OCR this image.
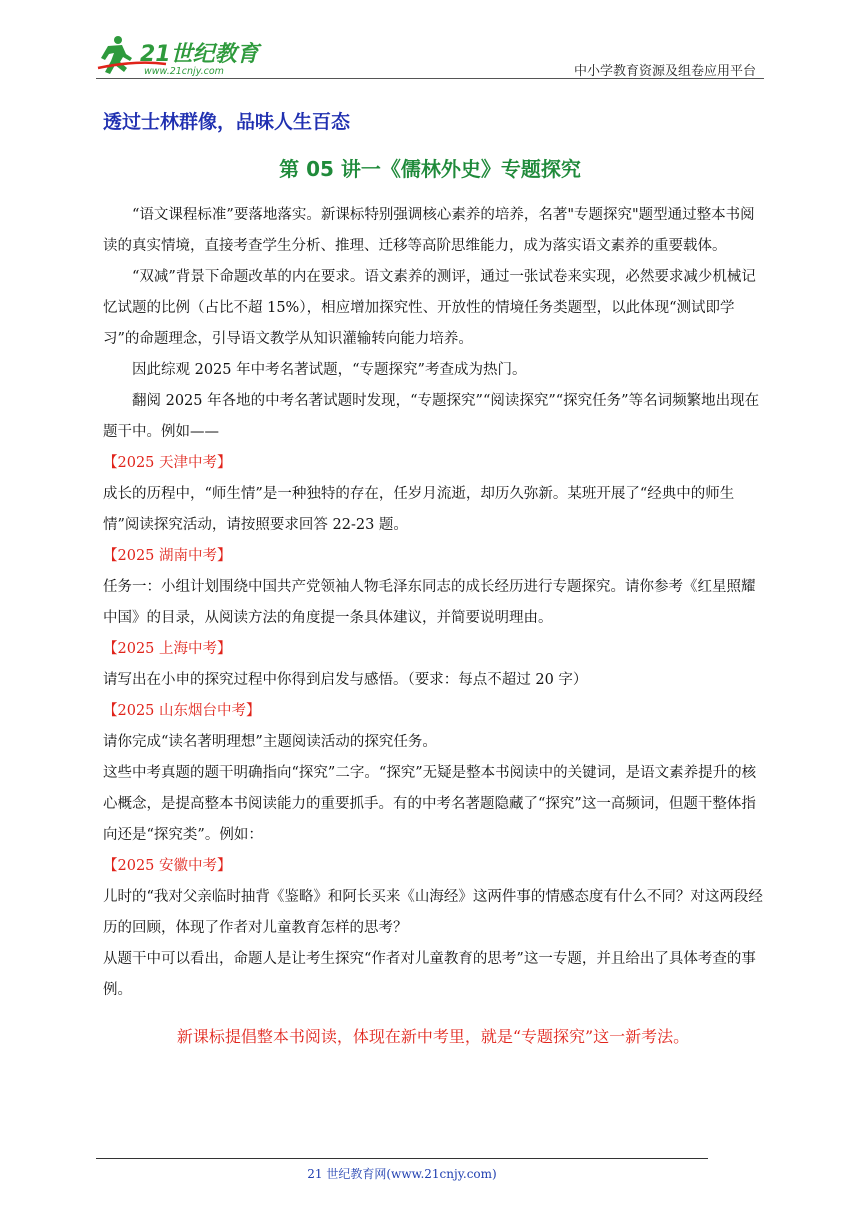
21世纪教育
www.21cnjy.com	中小学教育资源及组卷应用平台
透过士林群像，品味人生百态
第 05 讲一《儒林外史》专题探究

“语文课程标准”要落地落实。新课标特别强调核心素养的培养，名著"专题探究"题型通过整本书阅读的真实情境，直接考查学生分析、推理、迁移等高阶思维能力，成为落实语文素养的重要载体。

“双减”背景下命题改革的内在要求。语文素养的测评，通过一张试卷来实现，必然要求减少机械记忆试题的比例（占比不超 15%），相应增加探究性、开放性的情境任务类题型，以此体现“测试即学习”的命题理念，引导语文教学从知识灌输转向能力培养。

因此综观 2025 年中考名著试题，“专题探究”考查成为热门。

翻阅 2025 年各地的中考名著试题时发现，“专题探究”“阅读探究”“探究任务”等名词频繁地出现在题干中。例如——

【2025 天津中考】

成长的历程中，“师生情”是一种独特的存在，任岁月流逝，却历久弥新。某班开展了“经典中的师生情”阅读探究活动，请按照要求回答 22-23 题。

【2025 湖南中考】

任务一：小组计划围绕中国共产党领袖人物毛泽东同志的成长经历进行专题探究。请你参考《红星照耀中国》的目录，从阅读方法的角度提一条具体建议，并简要说明理由。

【2025 上海中考】

请写出在小申的探究过程中你得到启发与感悟。（要求：每点不超过 20 字）

【2025 山东烟台中考】

请你完成“读名著明理想”主题阅读活动的探究任务。

这些中考真题的题干明确指向“探究”二字。“探究”无疑是整本书阅读中的关键词，是语文素养提升的核心概念，是提高整本书阅读能力的重要抓手。有的中考名著题隐藏了“探究”这一高频词，但题干整体指向还是“探究类”。例如：

【2025 安徽中考】

儿时的“我对父亲临时抽背《鉴略》和阿长买来《山海经》这两件事的情感态度有什么不同？对这两段经历的回顾，体现了作者对儿童教育怎样的思考？

从题干中可以看出，命题人是让考生探究“作者对儿童教育的思考”这一专题，并且给出了具体考查的事例。

新课标提倡整本书阅读，体现在新中考里，就是“专题探究”这一新考法。

21 世纪教育网(www.21cnjy.com)
